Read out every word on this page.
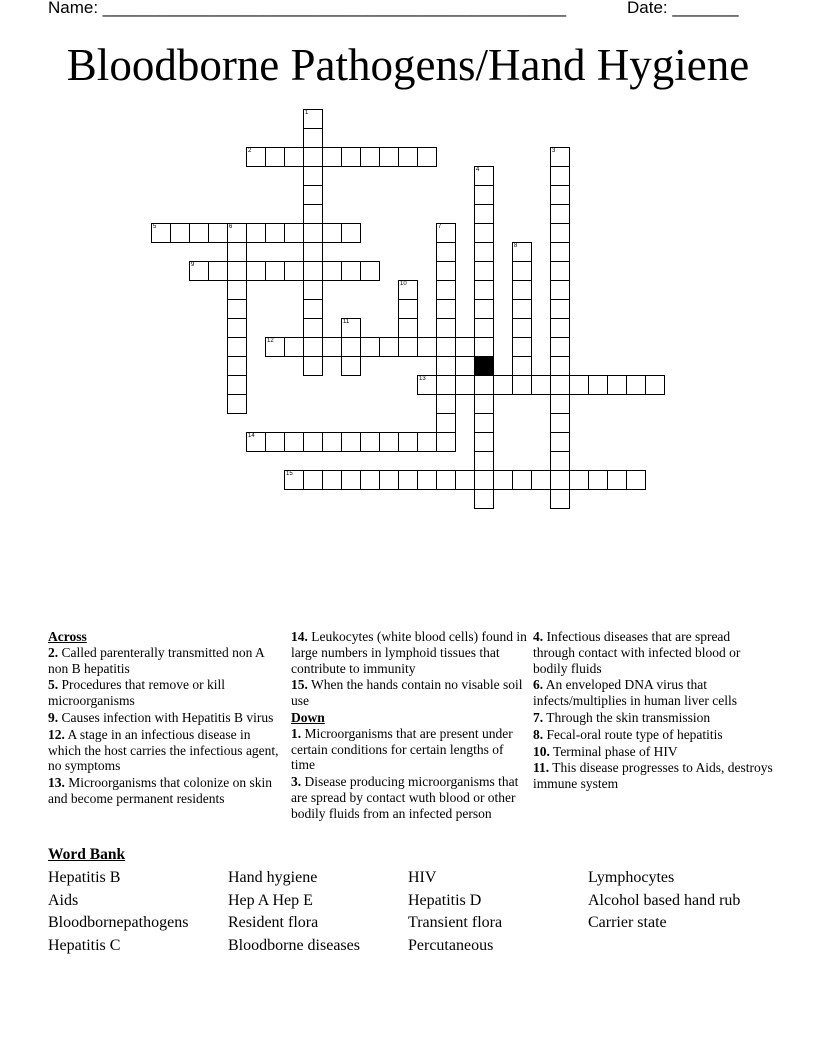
Name: _________________________________________________	Date: _______
Bloodborne Pathogens/Hand Hygiene
1
2	3
4
5	6	7
8
9
10
11
12
13
14
15
Across
2. Called parenterally transmitted non A non B hepatitis
5. Procedures that remove or kill microorganisms
9. Causes infection with Hepatitis B virus
12. A stage in an infectious disease in which the host carries the infectious agent, no symptoms
13. Microorganisms that colonize on skin and become permanent residents
14. Leukocytes (white blood cells) found in large numbers in lymphoid tissues that contribute to immunity
15. When the hands contain no visable soil use
Down
1. Microorganisms that are present under certain conditions for certain lengths of time
3. Disease producing microorganisms that are spread by contact wuth blood or other bodily fluids from an infected person
4. Infectious diseases that are spread through contact with infected blood or bodily fluids
6. An enveloped DNA virus that infects/multiplies in human liver cells
7. Through the skin transmission
8. Fecal-oral route type of hepatitis
10. Terminal phase of HIV
11. This disease progresses to Aids, destroys immune system
Word Bank
Hepatitis B
Aids
Bloodbornepathogens
Hepatitis C
Hand hygiene
Hep A Hep E
Resident flora
Bloodborne diseases
HIV
Hepatitis D
Transient flora
Percutaneous
Lymphocytes
Alcohol based hand rub
Carrier state
